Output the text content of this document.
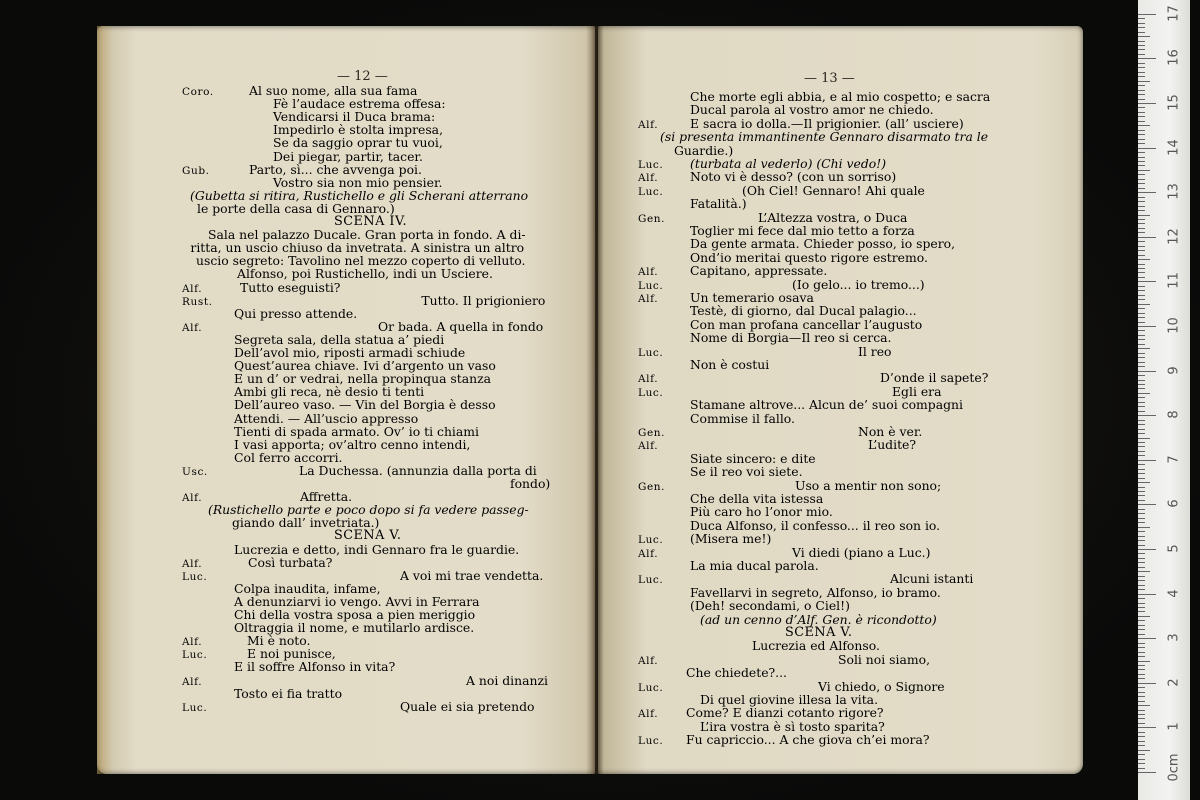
— 12 —	— 13 —
Coro.	Al suo nome, alla sua fama
Fè l’audace estrema offesa:
Vendicarsi il Duca brama:
Impedirlo è stolta impresa,
Se da saggio oprar tu vuoi,
Dei piegar, partir, tacer.
Gub.	Parto, sì... che avvenga poi.
Vostro sia non mio pensier.
(Gubetta si ritira, Rustichello e gli Scherani atterrano
le porte della casa di Gennaro.)
SCENA IV.
Sala nel palazzo Ducale. Gran porta in fondo. A di-
ritta, un uscio chiuso da invetrata. A sinistra un altro
uscio segreto: Tavolino nel mezzo coperto di velluto.
Alfonso, poi Rustichello, indi un Usciere.
Alf.	Tutto eseguisti?
Rust.	Tutto. Il prigioniero
Qui presso attende.
Alf.	Or bada. A quella in fondo
Segreta sala, della statua a’ piedi
Dell’avol mio, riposti armadi schiude
Quest’aurea chiave. Ivi d’argento un vaso
E un d’ or vedrai, nella propinqua stanza
Ambi gli reca, nè desio ti tenti
Dell’aureo vaso. — Vin del Borgia è desso
Attendi. — All’uscio appresso
Tienti di spada armato. Ov’ io ti chiami
I vasi apporta; ov’altro cenno intendi,
Col ferro accorri.
Usc.	La Duchessa. (annunzia dalla porta di
fondo)
Alf.	Affretta.
(Rustichello parte e poco dopo si fa vedere passeg-
giando dall’ invetriata.)
SCENA V.
Lucrezia e detto, indi Gennaro fra le guardie.
Alf.	Così turbata?
Luc.	A voi mi trae vendetta.
Colpa inaudita, infame,
A denunziarvi io vengo. Avvi in Ferrara
Chi della vostra sposa a pien meriggio
Oltraggia il nome, e mutilarlo ardisce.
Alf.	Mi è noto.
Luc.	E noi punisce,
E il soffre Alfonso in vita?
Alf.	A noi dinanzi
Tosto ei fia tratto
Luc.	Quale ei sia pretendo
Che morte egli abbia, e al mio cospetto; e sacra
Ducal parola al vostro amor ne chiedo.
Alf.	E sacra io dolla.—Il prigionier. (all’ usciere)
(si presenta immantinente Gennaro disarmato tra le
Guardie.)
Luc. (turbata al vederlo) (Chi vedo!)
Alf.	Noto vi è desso? (con un sorriso)
Luc.	(Oh Ciel! Gennaro! Ahi quale
Fatalità.)
Gen.	L’Altezza vostra, o Duca
Toglier mi fece dal mio tetto a forza
Da gente armata. Chieder posso, io spero,
Ond’io meritai questo rigore estremo.
Alf.	Capitano, appressate.
Luc.	(Io gelo... io tremo...)
Alf.	Un temerario osava
Testè, di giorno, dal Ducal palagio...
Con man profana cancellar l’augusto
Nome di Borgia—Il reo si cerca.
Luc.	Il reo
Non è costui
Alf.	D’onde il sapete?
Luc.	Egli era
Stamane altrove... Alcun de’ suoi compagni
Commise il fallo.
Gen.	Non è ver.
Alf.	L’udite?
Siate sincero: e dite
Se il reo voi siete.
Gen.	Uso a mentir non sono;
Che della vita istessa
Più caro ho l’onor mio.
Duca Alfonso, il confesso... il reo son io.
Luc. (Misera me!)
Alf.	Vi diedi (piano a Luc.)
La mia ducal parola.
Luc.	Alcuni istanti
Favellarvi in segreto, Alfonso, io bramo.
(Deh! secondami, o Ciel!)
(ad un cenno d’Alf. Gen. è ricondotto)
SCENA V.
Lucrezia ed Alfonso.
Alf.	Soli noi siamo,
Che chiedete?...
Luc.	Vi chiedo, o Signore
Di quel giovine illesa la vita.
Alf. Come? E dianzi cotanto rigore?
L’ira vostra è sì tosto sparita?
Luc. Fu capriccio... A che giova ch’ei mora?
0cm
1
2
3
4
5
6
7
8
9
10
11
12
13
14
15
16
17
